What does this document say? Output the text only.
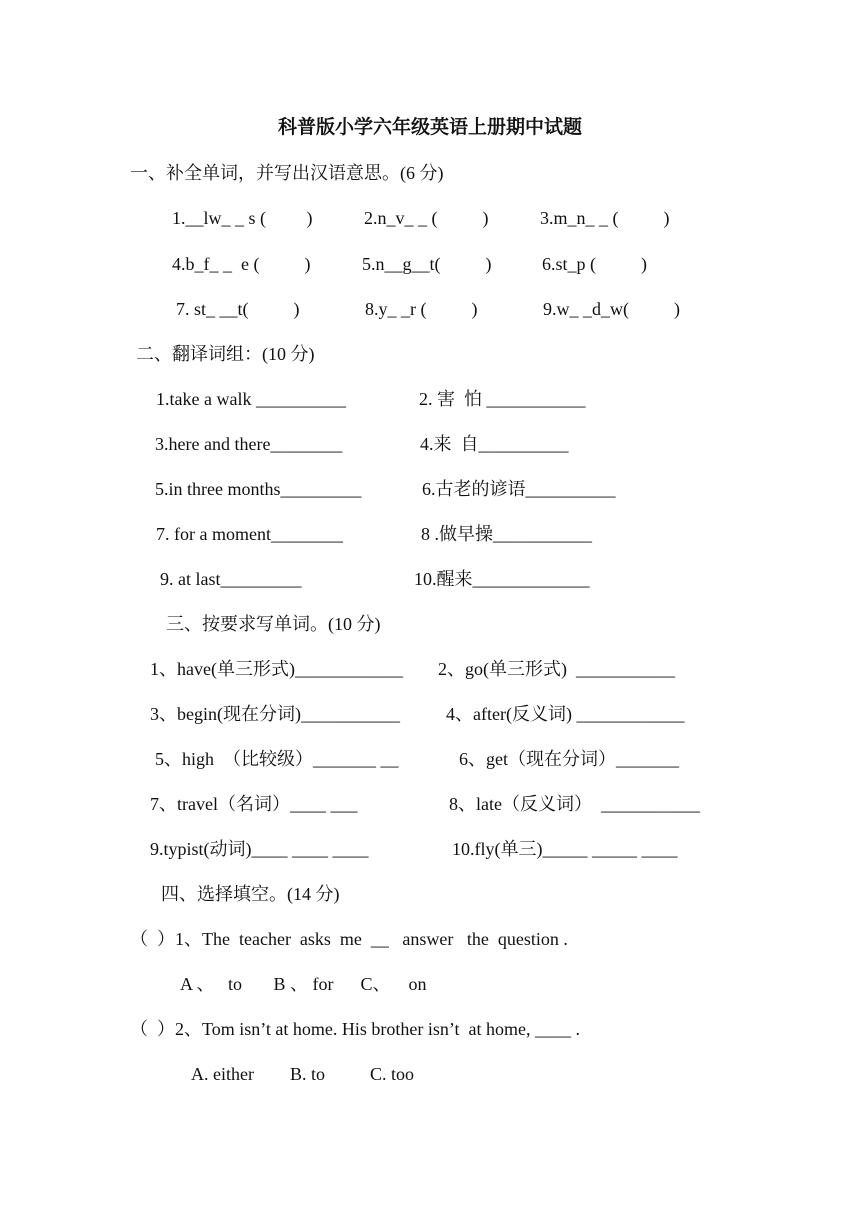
科普版小学六年级英语上册期中试题
一、补全单词，并写出汉语意思。(6 分)
1.__lw_ _ s (         )	2.n_v_ _ (          )	3.m_n_ _ (          )
4.b_f_ _  e (          )	5.n__g__t(          )	6.st_p (          )
7. st_ __t(          )	8.y_ _r (          )	9.w_ _d_w(          )
二、翻译词组：(10 分)
1.take a walk __________	2. 害  怕 ___________
3.here and there________	4.来  自__________
5.in three months_________	6.古老的谚语__________
7. for a moment________	8 .做早操___________
9. at last_________	10.醒来_____________
三、按要求写单词。(10 分)
1、have(单三形式)____________ 2、go(单三形式)  ___________
3、begin(现在分词)___________	4、after(反义词) ____________
5、high  （比较级）_______ __	6、get（现在分词）_______
7、travel（名词）____ ___	8、late（反义词）  ___________
9.typist(动词)____ ____ ____	10.fly(单三)_____ _____ ____
四、选择填空。(14 分)
（  ）1、The  teacher  asks  me  __   answer   the  question .
A 、   to       B 、 for      C、    on
（  ）2、Tom isn’t at home. His brother isn’t  at home, ____ .
A. either        B. to          C. too
